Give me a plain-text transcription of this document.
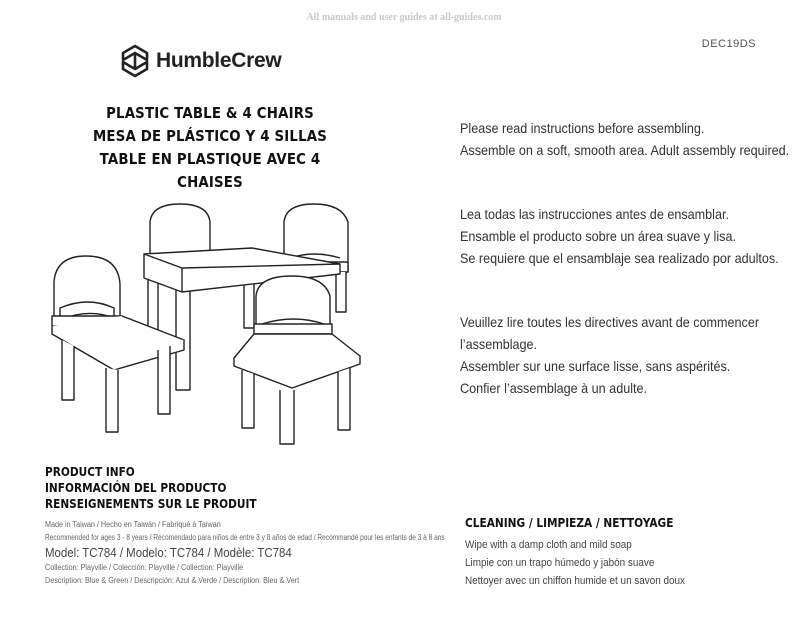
All manuals and user guides at all-guides.com
DEC19DS
HumbleCrew
PLASTIC TABLE & 4 CHAIRS
MESA DE PLÁSTICO Y 4 SILLAS
TABLE EN PLASTIQUE AVEC 4 CHAISES

Please read instructions before assembling.
Assemble on a soft, smooth area. Adult assembly required.

Lea todas las instrucciones antes de ensamblar.
Ensamble el producto sobre un área suave y lisa.
Se requiere que el ensamblaje sea realizado por adultos.

Veuillez lire toutes les directives avant de commencer
l’assemblage.
Assembler sur une surface lisse, sans aspérités.
Confier l’assemblage à un adulte.

PRODUCT INFO
INFORMACIÓN DEL PRODUCTO
RENSEIGNEMENTS SUR LE PRODUIT
Made in Taiwan / Hecho en Taiwán / Fabriqué à Taiwan
Recommended for ages 3 - 8 years / Recomendado para niños de entre 3 y 8 años de edad / Recommandé pour les enfants de 3 à 8 ans
Model: TC784 / Modelo: TC784 / Modèle: TC784
Collection: Playville / Colección: Playville / Collection: Playville
Description: Blue & Green / Descripción: Azul & Verde / Description: Bleu & Vert
CLEANING / LIMPIEZA / NETTOYAGE
Wipe with a damp cloth and mild soap
Limpie con un trapo húmedo y jabón suave
Nettoyer avec un chiffon humide et un savon doux
